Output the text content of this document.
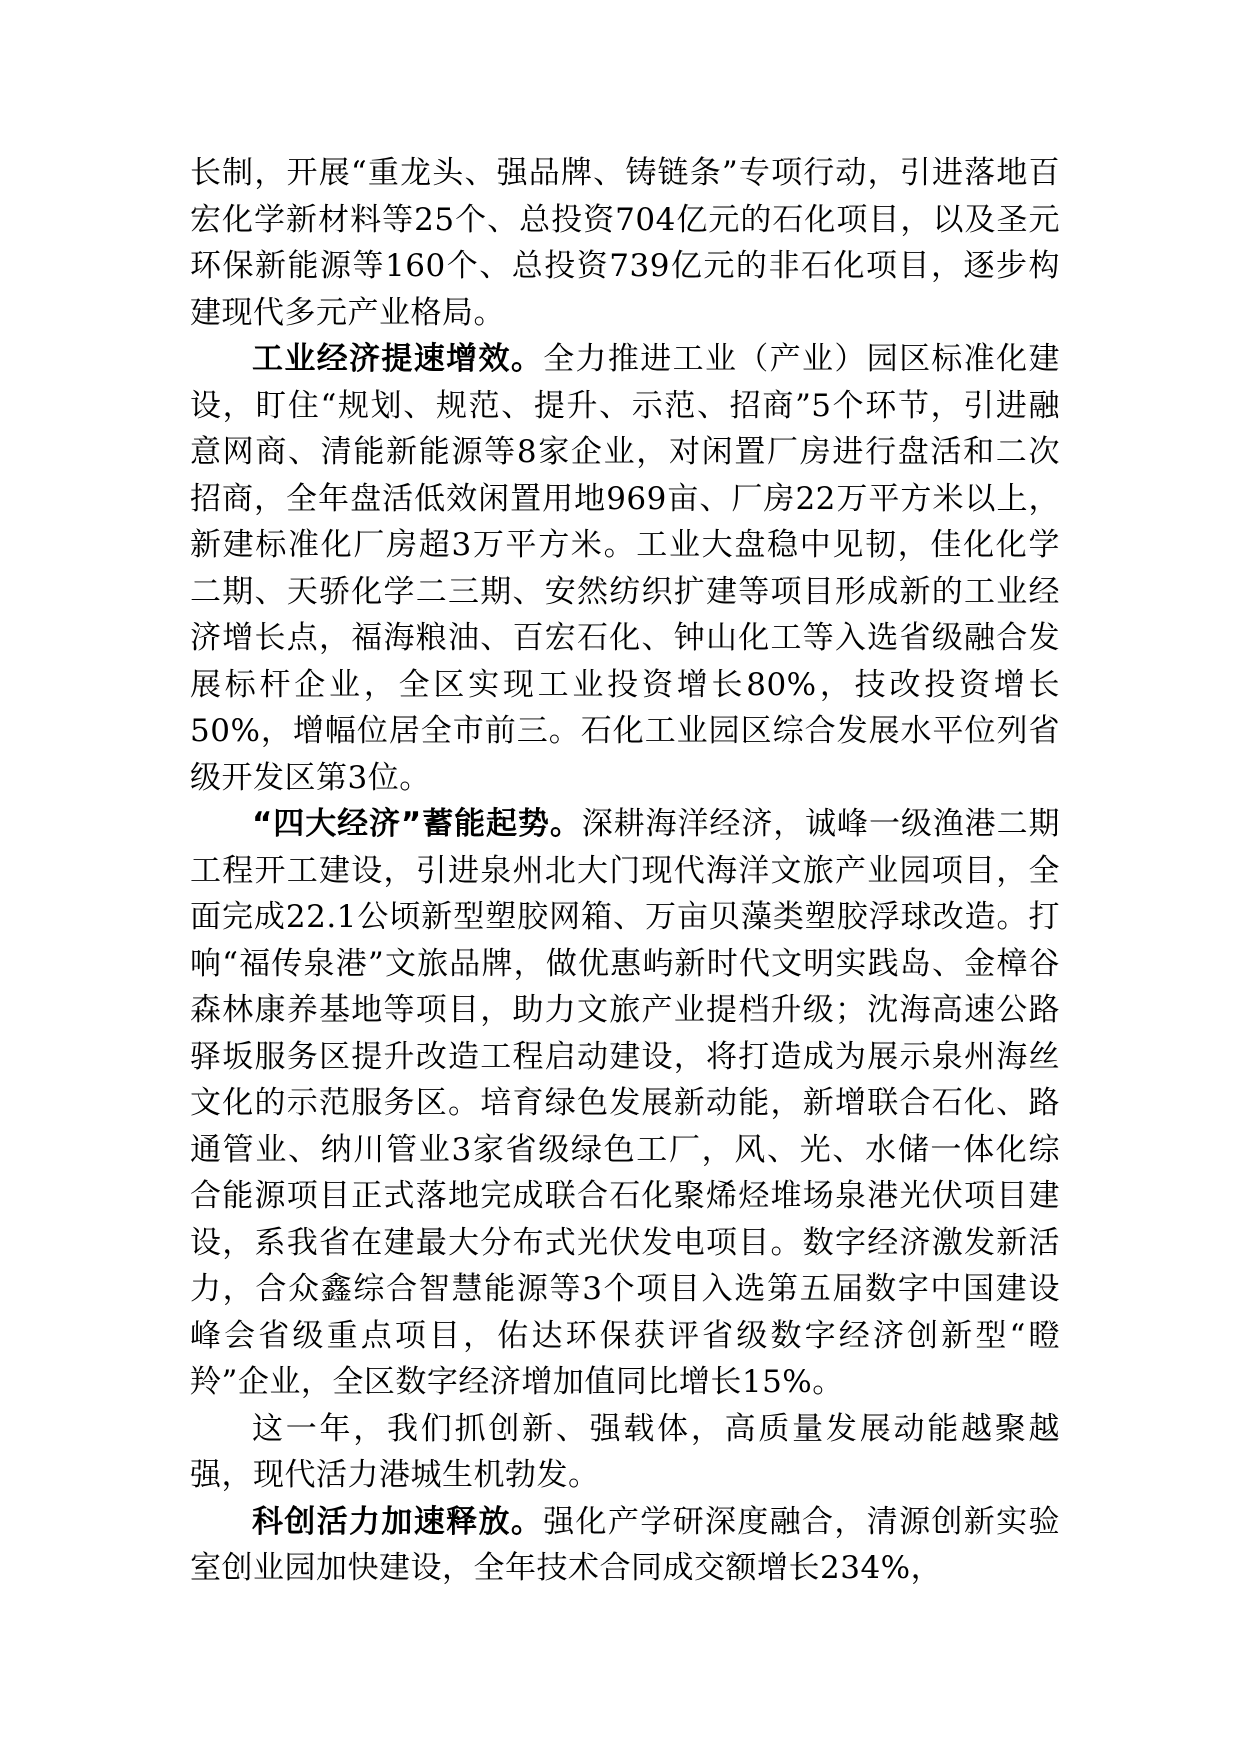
长制，开展“重龙头、强品牌、铸链条”专项行动，引进落地百宏化学新材料等25个、总投资704亿元的石化项目，以及圣元环保新能源等160个、总投资739亿元的非石化项目，逐步构建现代多元产业格局。

工业经济提速增效。全力推进工业（产业）园区标准化建设，盯住“规划、规范、提升、示范、招商”5个环节，引进融意网商、清能新能源等8家企业，对闲置厂房进行盘活和二次招商，全年盘活低效闲置用地969亩、厂房22万平方米以上，新建标准化厂房超3万平方米。工业大盘稳中见韧，佳化化学二期、天骄化学二三期、安然纺织扩建等项目形成新的工业经济增长点，福海粮油、百宏石化、钟山化工等入选省级融合发展标杆企业，全区实现工业投资增长80%，技改投资增长50%，增幅位居全市前三。石化工业园区综合发展水平位列省级开发区第3位。

“四大经济”蓄能起势。深耕海洋经济，诚峰一级渔港二期工程开工建设，引进泉州北大门现代海洋文旅产业园项目，全面完成22.1公顷新型塑胶网箱、万亩贝藻类塑胶浮球改造。打响“福传泉港”文旅品牌，做优惠屿新时代文明实践岛、金樟谷森林康养基地等项目，助力文旅产业提档升级；沈海高速公路驿坂服务区提升改造工程启动建设，将打造成为展示泉州海丝文化的示范服务区。培育绿色发展新动能，新增联合石化、路通管业、纳川管业3家省级绿色工厂，风、光、水储一体化综合能源项目正式落地完成联合石化聚烯烃堆场泉港光伏项目建设，系我省在建最大分布式光伏发电项目。数字经济激发新活力，合众鑫综合智慧能源等3个项目入选第五届数字中国建设峰会省级重点项目，佑达环保获评省级数字经济创新型“瞪羚”企业，全区数字经济增加值同比增长15%。

这一年，我们抓创新、强载体，高质量发展动能越聚越强，现代活力港城生机勃发。

科创活力加速释放。强化产学研深度融合，清源创新实验室创业园加快建设，全年技术合同成交额增长234%，
